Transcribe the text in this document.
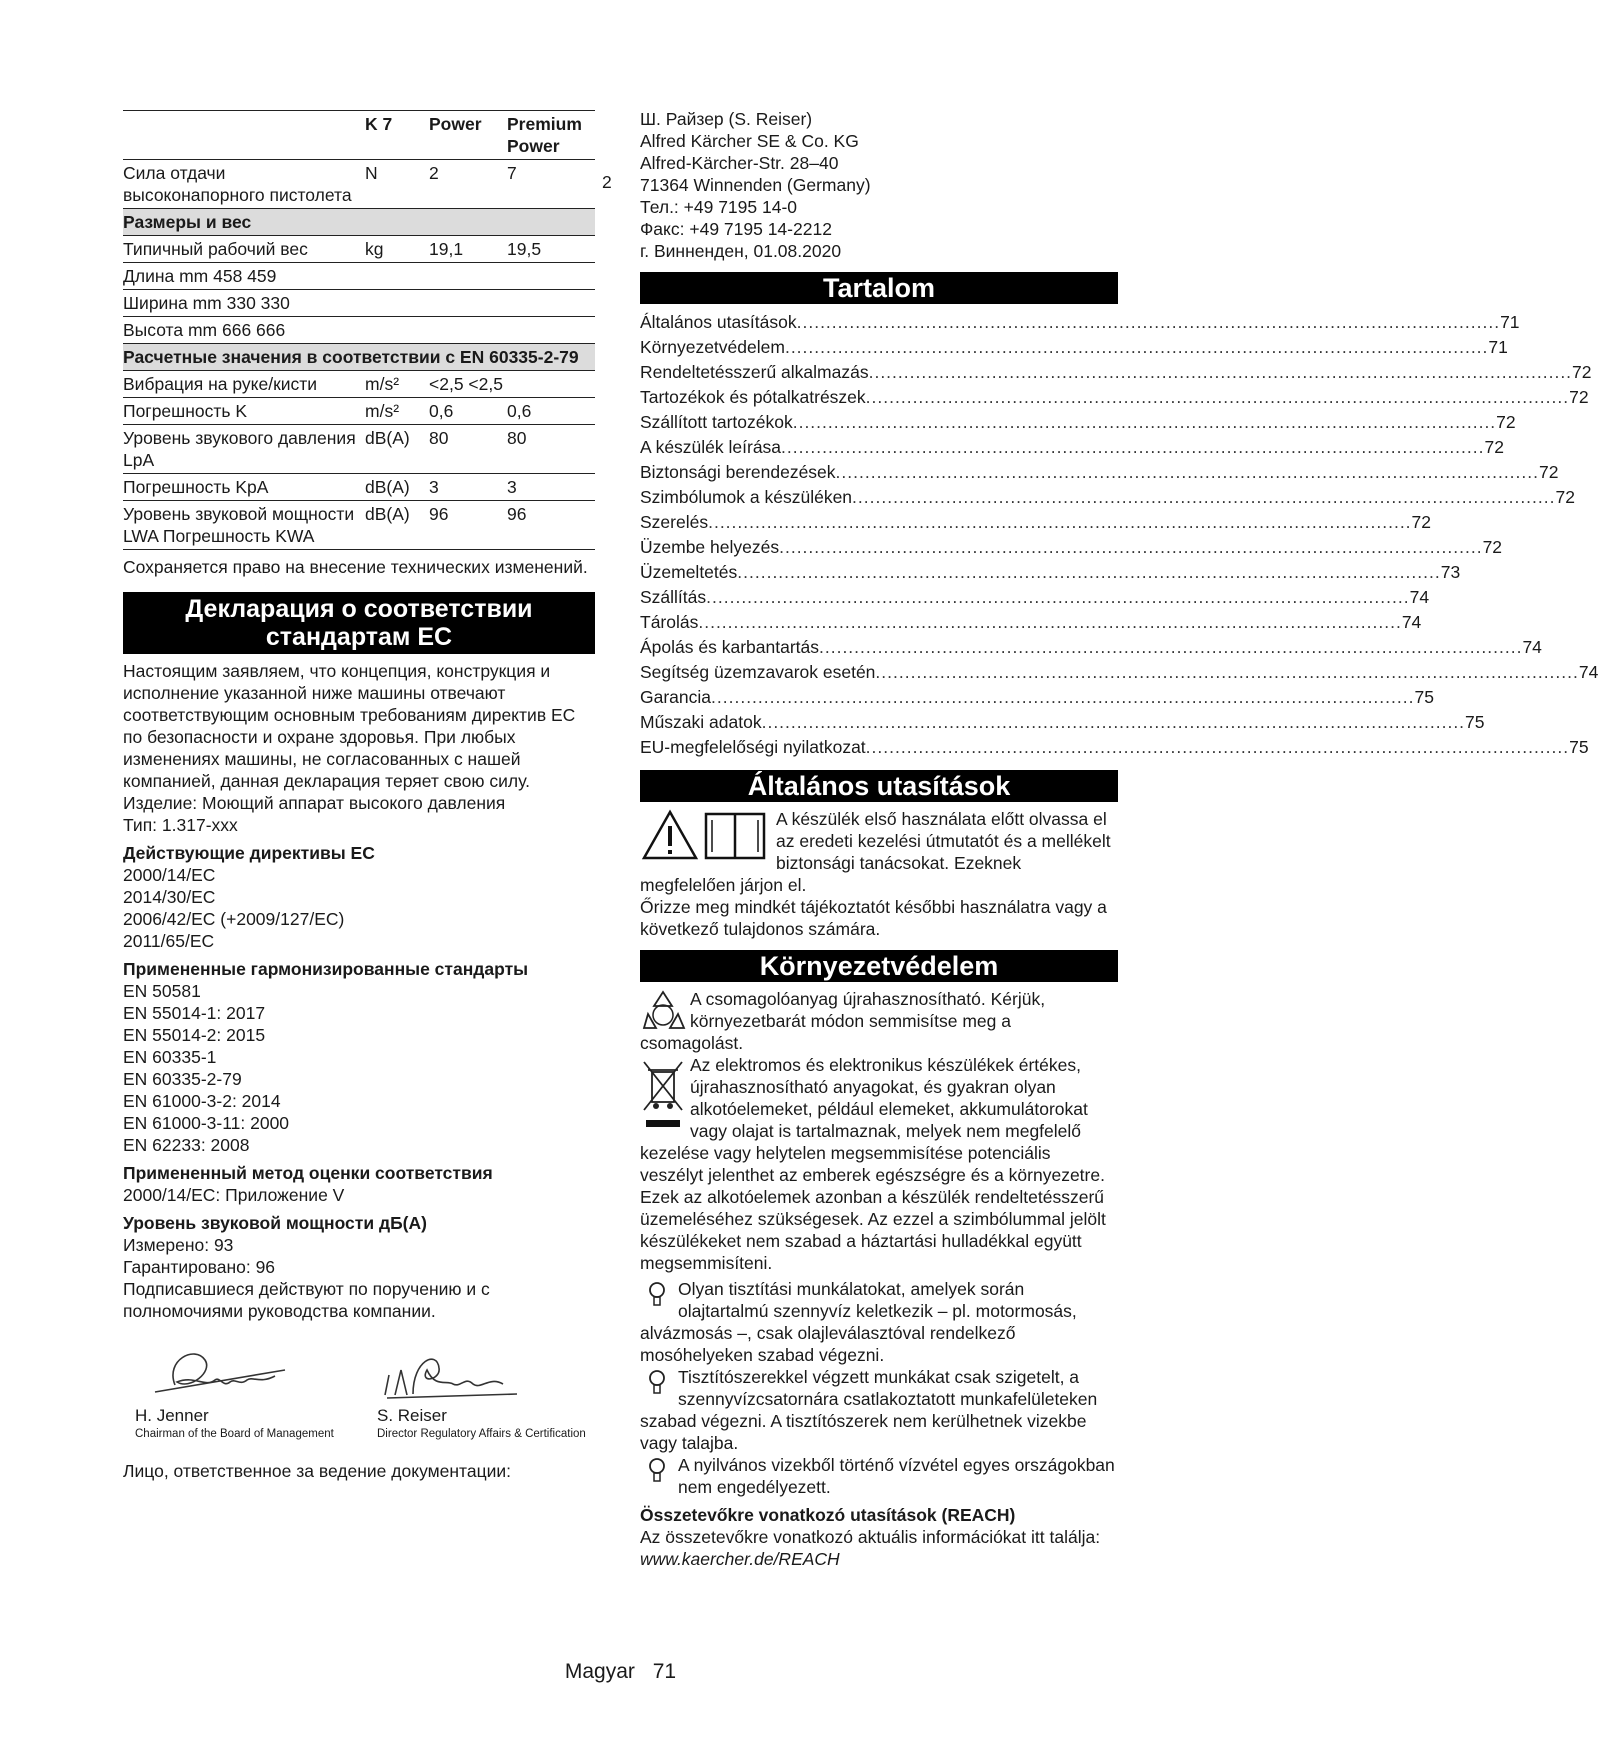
	K 7	Power	Premium Power
Сила отдачи высоконапорного пистолета	N	2	7
Размеры и вес			
Типичный рабочий вес	kg	19,1	19,5
Длина mm 458 459			
Ширина mm 330 330			
Высота mm 666 666			
Расчетные значения в соответствии с EN 60335-2-79			
Вибрация на руке/кисти	m/s²	<2,5 <2,5	
Погрешность K	m/s²	0,6	0,6
Уровень звукового давления LpA	dB(A)	80	80
Погрешность KpA	dB(A)	3	3
Уровень звуковой мощности LWA Погрешность KWA	dB(A)	96	96
Сохраняется право на внесение технических изменений.
Декларация о соответствии стандартам ЕС

Настоящим заявляем, что концепция, конструкция и исполнение указанной ниже машины отвечают соответствующим основным требованиям директив ЕС по безопасности и охране здоровья. При любых изменениях машины, не согласованных с нашей компанией, данная декларация теряет свою силу.

Изделие: Моющий аппарат высокого давления
Тип: 1.317-xxx
Действующие директивы ЕС
2000/14/EC
2014/30/EC
2006/42/EC (+2009/127/EC)
2011/65/EC
Примененные гармонизированные стандарты
EN 50581
EN 55014-1: 2017
EN 55014-2: 2015
EN 60335-1
EN 60335-2-79
EN 61000-3-2: 2014
EN 61000-3-11: 2000
EN 62233: 2008
Примененный метод оценки соответствия
2000/14/EC: Приложение V
Уровень звуковой мощности дБ(А)
Измерено: 93
Гарантировано: 96
Подписавшиеся действуют по поручению и с полномочиями руководства компании.
H. Jenner
Chairman of the Board of Management
S. Reiser
Director Regulatory Affairs & Certification
Лицо, ответственное за ведение документации:
2
Ш. Райзер (S. Reiser)
Alfred Kärcher SE & Co. KG
Alfred-Kärcher-Str. 28–40
71364 Winnenden (Germany)
Тел.: +49 7195 14-0
Факс: +49 7195 14-2212
г. Винненден, 01.08.2020
Tartalom
Általános utasítások ........................................................................................................................ 71
Környezetvédelem ........................................................................................................................ 71
Rendeltetésszerű alkalmazás ........................................................................................................................ 72
Tartozékok és pótalkatrészek ........................................................................................................................ 72
Szállított tartozékok ........................................................................................................................ 72
A készülék leírása ........................................................................................................................ 72
Biztonsági berendezések ........................................................................................................................ 72
Szimbólumok a készüléken ........................................................................................................................ 72
Szerelés ........................................................................................................................ 72
Üzembe helyezés ........................................................................................................................ 72
Üzemeltetés ........................................................................................................................ 73
Szállítás ........................................................................................................................ 74
Tárolás ........................................................................................................................ 74
Ápolás és karbantartás ........................................................................................................................ 74
Segítség üzemzavarok esetén ........................................................................................................................ 74
Garancia ........................................................................................................................ 75
Műszaki adatok ........................................................................................................................ 75
EU-megfelelőségi nyilatkozat ........................................................................................................................ 75
Általános utasítások

A készülék első használata előtt olvassa el az eredeti kezelési útmutatót és a mellékelt biztonsági tanácsokat. Ezeknek megfelelően járjon el.

Őrizze meg mindkét tájékoztatót későbbi használatra vagy a következő tulajdonos számára.

Környezetvédelem

A csomagolóanyag újrahasznosítható. Kérjük, környezetbarát módon semmisítse meg a csomagolást.

Az elektromos és elektronikus készülékek értékes, újrahasznosítható anyagokat, és gyakran olyan alkotóelemeket, például elemeket, akkumulátorokat vagy olajat is tartalmaznak, melyek nem megfelelő kezelése vagy helytelen megsemmisítése potenciális veszélyt jelenthet az emberek egészségre és a környezetre. Ezek az alkotóelemek azonban a készülék rendeltetésszerű üzemeléséhez szükségesek. Az ezzel a szimbólummal jelölt készülékeket nem szabad a háztartási hulladékkal együtt megsemmisíteni.

Olyan tisztítási munkálatokat, amelyek során olajtartalmú szennyvíz keletkezik – pl. motormosás, alvázmosás –, csak olajleválasztóval rendelkező mosóhelyeken szabad végezni.

Tisztítószerekkel végzett munkákat csak szigetelt, a szennyvízcsatornára csatlakoztatott munkafelületeken szabad végezni. A tisztítószerek nem kerülhetnek vizekbe vagy talajba.

A nyilvános vizekből történő vízvétel egyes országokban nem engedélyezett.

Összetevőkre vonatkozó utasítások (REACH)

Az összetevőkre vonatkozó aktuális információkat itt találja: www.kaercher.de/REACH

Magyar 71
